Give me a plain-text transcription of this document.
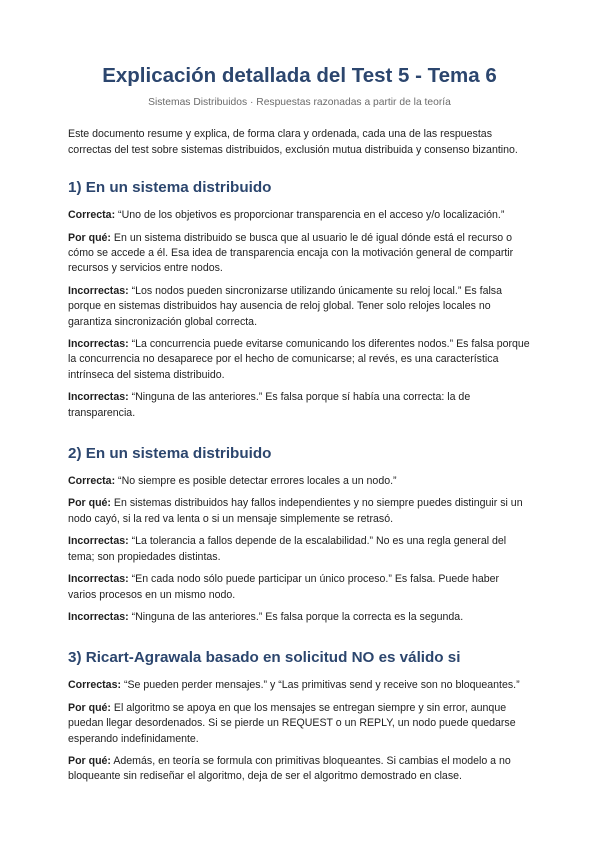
Explicación detallada del Test 5 - Tema 6
Sistemas Distribuidos · Respuestas razonadas a partir de la teoría

Este documento resume y explica, de forma clara y ordenada, cada una de las respuestas correctas del test sobre sistemas distribuidos, exclusión mutua distribuida y consenso bizantino.

1) En un sistema distribuido

Correcta: “Uno de los objetivos es proporcionar transparencia en el acceso y/o localización.”

Por qué: En un sistema distribuido se busca que al usuario le dé igual dónde está el recurso o cómo se accede a él. Esa idea de transparencia encaja con la motivación general de compartir recursos y servicios entre nodos.

Incorrectas: “Los nodos pueden sincronizarse utilizando únicamente su reloj local.” Es falsa porque en sistemas distribuidos hay ausencia de reloj global. Tener solo relojes locales no garantiza sincronización global correcta.

Incorrectas: “La concurrencia puede evitarse comunicando los diferentes nodos.” Es falsa porque la concurrencia no desaparece por el hecho de comunicarse; al revés, es una característica intrínseca del sistema distribuido.

Incorrectas: “Ninguna de las anteriores.” Es falsa porque sí había una correcta: la de transparencia.

2) En un sistema distribuido

Correcta: “No siempre es posible detectar errores locales a un nodo.”

Por qué: En sistemas distribuidos hay fallos independientes y no siempre puedes distinguir si un nodo cayó, si la red va lenta o si un mensaje simplemente se retrasó.

Incorrectas: “La tolerancia a fallos depende de la escalabilidad.” No es una regla general del tema; son propiedades distintas.

Incorrectas: “En cada nodo sólo puede participar un único proceso.” Es falsa. Puede haber varios procesos en un mismo nodo.

Incorrectas: “Ninguna de las anteriores.” Es falsa porque la correcta es la segunda.

3) Ricart-Agrawala basado en solicitud NO es válido si

Correctas: “Se pueden perder mensajes.” y “Las primitivas send y receive son no bloqueantes.”

Por qué: El algoritmo se apoya en que los mensajes se entregan siempre y sin error, aunque puedan llegar desordenados. Si se pierde un REQUEST o un REPLY, un nodo puede quedarse esperando indefinidamente.

Por qué: Además, en teoría se formula con primitivas bloqueantes. Si cambias el modelo a no bloqueante sin rediseñar el algoritmo, deja de ser el algoritmo demostrado en clase.
